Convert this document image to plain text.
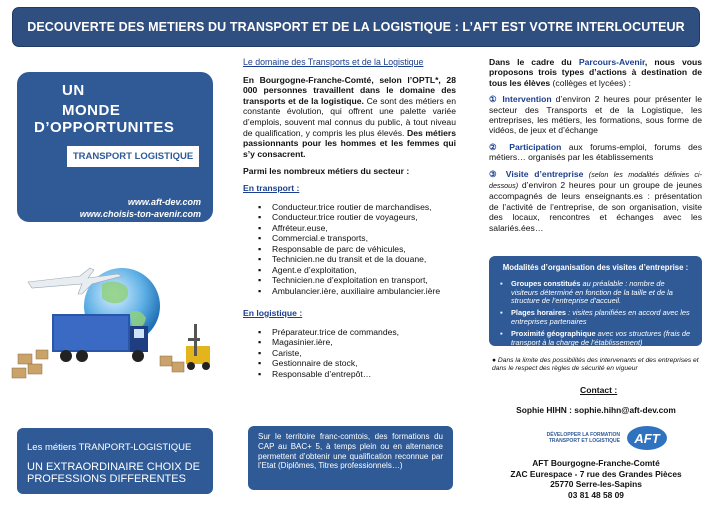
DECOUVERTE DES METIERS DU TRANSPORT ET DE LA LOGISTIQUE : L’AFT EST VOTRE INTERLOCUTEUR
UN
MONDE
D’OPPORTUNITES
TRANSPORT LOGISTIQUE
www.aft-dev.com
www.choisis-ton-avenir.com
Les métiers TRANPORT-LOGISTIQUE
UN EXTRAORDINAIRE CHOIX DE PROFESSIONS DIFFERENTES
Le domaine des Transports et de la Logistique
En Bourgogne-Franche-Comté, selon l’OPTL*, 28 000 personnes travaillent dans le domaine des transports et de la logistique. Ce sont des métiers en constante évolution, qui offrent une palette variée d’emplois, souvent mal connus du public, à tout niveau de qualification, y compris les plus élevés. Des métiers passionnants pour les hommes et les femmes qui s’y consacrent.
Parmi les nombreux métiers du secteur :
En transport :
▪ Conducteur.trice routier de marchandises,
▪ Conducteur.trice routier de voyageurs,
▪ Affréteur.euse,
▪ Commercial.e transports,
▪ Responsable de parc de véhicules,
▪ Technicien.ne du transit et de la douane,
▪ Agent.e d’exploitation,
▪ Technicien.ne d’exploitation en transport,
▪ Ambulancier.ière, auxiliaire ambulancier.ière
En logistique :
▪ Préparateur.trice de commandes,
▪ Magasinier.ière,
▪ Cariste,
▪ Gestionnaire de stock,
▪ Responsable d’entrepôt…
Sur le territoire franc-comtois, des formations du CAP au BAC+ 5, à temps plein ou en alternance permettent d’obtenir une qualification reconnue par l’Etat (Diplômes, Titres professionnels…)
Dans le cadre du Parcours-Avenir, nous vous proposons trois types d’actions à destination de tous les élèves (collèges et lycées) :
① Intervention d’environ 2 heures pour présenter le secteur des Transports et de la Logistique, les entreprises, les métiers, les formations, sous forme de vidéos, de jeux et d’échange
② Participation aux forums-emploi, forums des métiers… organisés par les établissements
③ Visite d’entreprise (selon les modalités définies ci-dessous) d’environ 2 heures pour un groupe de jeunes accompagnés de leurs enseignants.es : présentation de l’activité de l’entreprise, de son organisation, visite des locaux, rencontres et échanges avec les salariés.ées…
Modalités d’organisation des visites d’entreprise :
▪ Groupes constitués au préalable : nombre de visiteurs déterminé en fonction de la taille et de la structure de l’entreprise d’accueil.
▪ Plages horaires : visites planifiées en accord avec les entreprises partenaires
▪ Proximité géographique avec vos structures (frais de transport à la charge de l’établissement)
● Dans la limite des possibilités des intervenants et des entreprises et dans le respect des règles de sécurité en vigueur
Contact :
Sophie HIHN : sophie.hihn@aft-dev.com
DÉVELOPPER LA FORMATION TRANSPORT ET LOGISTIQUE AFT
AFT Bourgogne-Franche-Comté
ZAC Eurespace - 7 rue des Grandes Pièces
25770 Serre-les-Sapins
03 81 48 58 09
